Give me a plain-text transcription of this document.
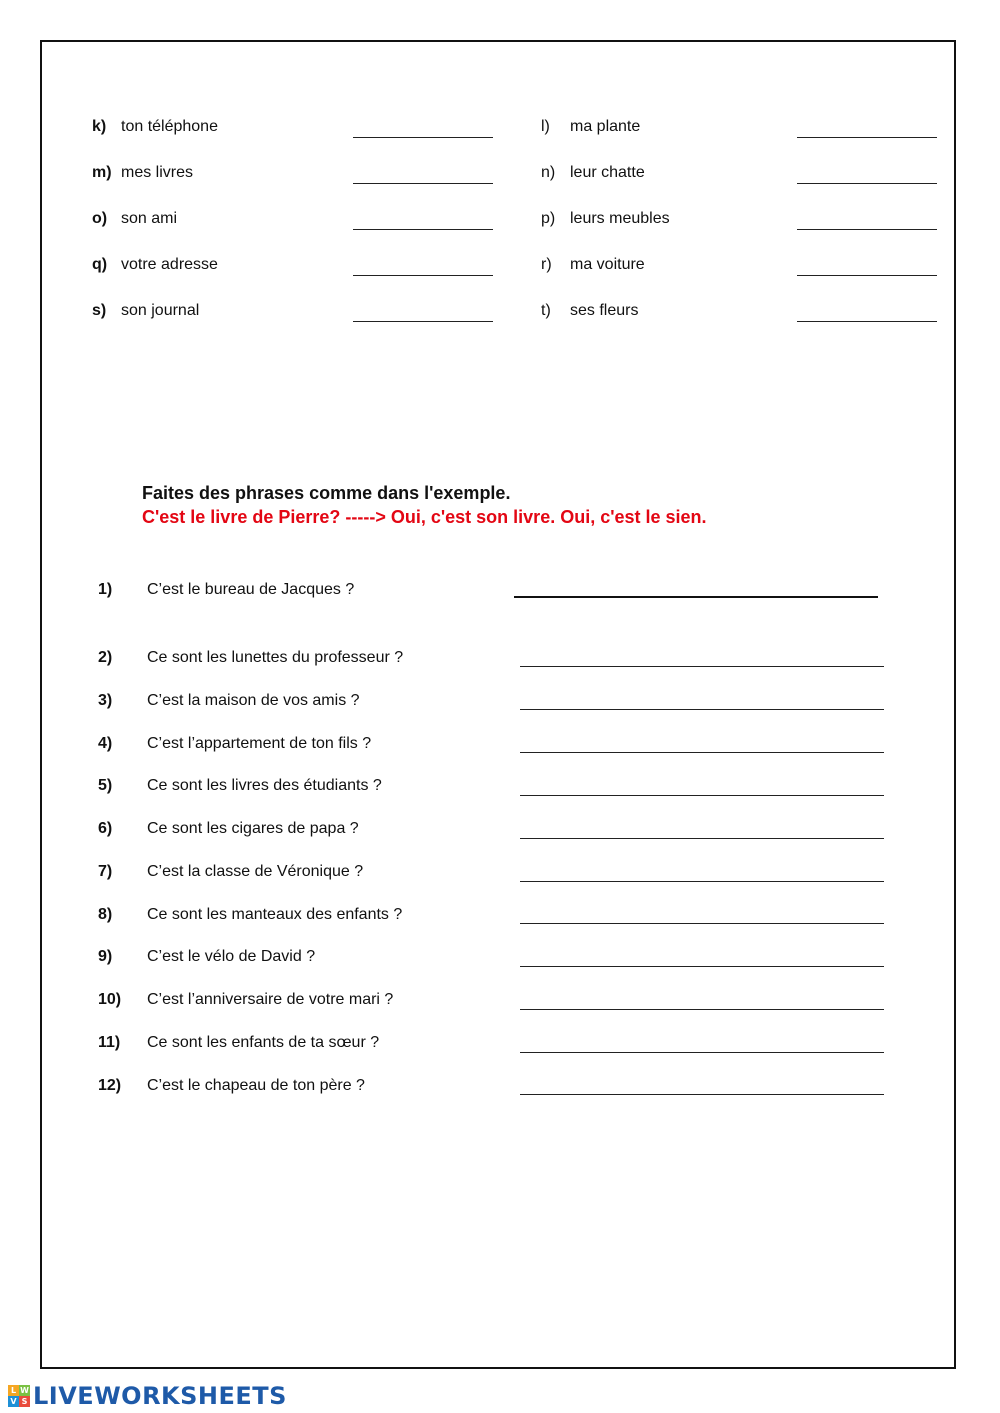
k) ton téléphone	l) ma plante
m) mes livres	n) leur chatte
o) son ami	p) leurs meubles
q) votre adresse	r) ma voiture
s) son journal	t) ses fleurs
Faites des phrases comme dans l'exemple.
C'est le livre de Pierre? -----> Oui, c'est son livre. Oui, c'est le sien.
1) C’est le bureau de Jacques ?
2) Ce sont les lunettes du professeur ?
3) C’est la maison de vos amis ?
4) C’est l’appartement de ton fils ?
5) Ce sont les livres des étudiants ?
6) Ce sont les cigares de papa ?
7) C’est la classe de Véronique ?
8) Ce sont les manteaux des enfants ?
9) C’est le vélo de David ?
10) C’est l’anniversaire de votre mari ?
11) Ce sont les enfants de ta sœur ?
12) C’est le chapeau de ton père ?
L W
V S LIVEWORKSHEETS
